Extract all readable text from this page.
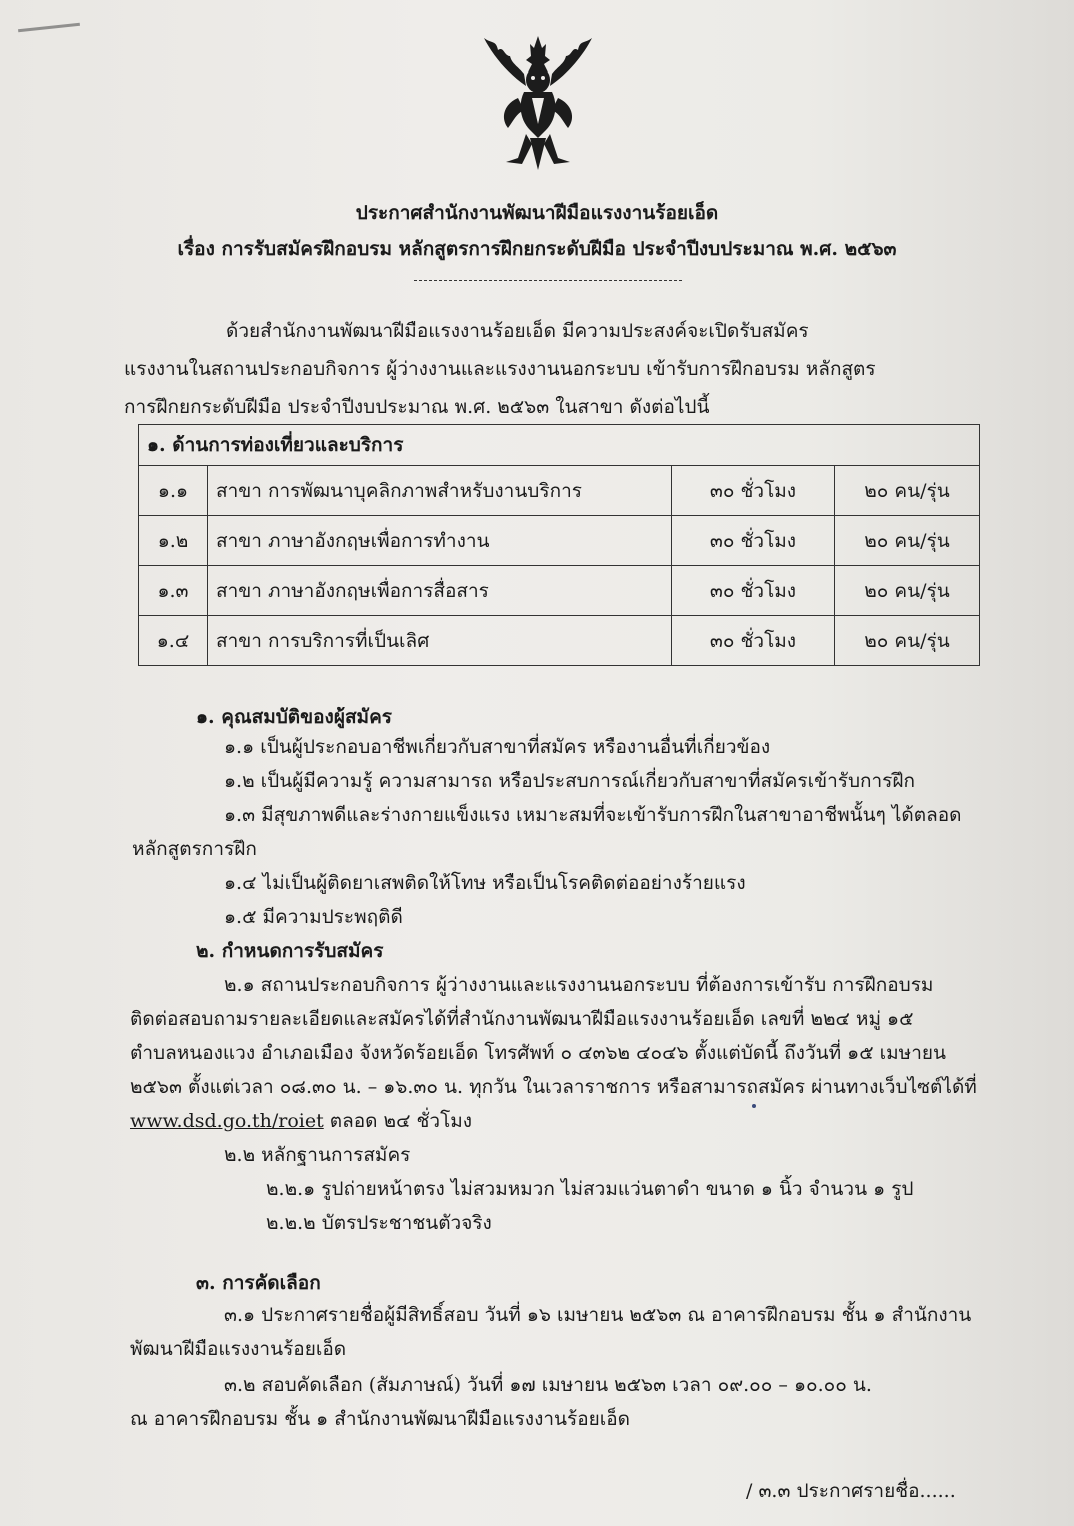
ประกาศสำนักงานพัฒนาฝีมือแรงงานร้อยเอ็ด
เรื่อง การรับสมัครฝึกอบรม หลักสูตรการฝึกยกระดับฝีมือ ประจำปีงบประมาณ พ.ศ. ๒๕๖๓
ด้วยสำนักงานพัฒนาฝีมือแรงงานร้อยเอ็ด มีความประสงค์จะเปิดรับสมัคร
แรงงานในสถานประกอบกิจการ ผู้ว่างงานและแรงงานนอกระบบ เข้ารับการฝึกอบรม หลักสูตร
การฝึกยกระดับฝีมือ ประจำปีงบประมาณ พ.ศ. ๒๕๖๓ ในสาขา ดังต่อไปนี้
๑. ด้านการท่องเที่ยวและบริการ			
๑.๑	สาขา การพัฒนาบุคลิกภาพสำหรับงานบริการ	๓๐ ชั่วโมง	๒๐ คน/รุ่น
๑.๒	สาขา ภาษาอังกฤษเพื่อการทำงาน	๓๐ ชั่วโมง	๒๐ คน/รุ่น
๑.๓	สาขา ภาษาอังกฤษเพื่อการสื่อสาร	๓๐ ชั่วโมง	๒๐ คน/รุ่น
๑.๔	สาขา การบริการที่เป็นเลิศ	๓๐ ชั่วโมง	๒๐ คน/รุ่น
๑. คุณสมบัติของผู้สมัคร
๑.๑ เป็นผู้ประกอบอาชีพเกี่ยวกับสาขาที่สมัคร หรืองานอื่นที่เกี่ยวข้อง
๑.๒ เป็นผู้มีความรู้ ความสามารถ หรือประสบการณ์เกี่ยวกับสาขาที่สมัครเข้ารับการฝึก
๑.๓ มีสุขภาพดีและร่างกายแข็งแรง เหมาะสมที่จะเข้ารับการฝึกในสาขาอาชีพนั้นๆ ได้ตลอด
หลักสูตรการฝึก
๑.๔ ไม่เป็นผู้ติดยาเสพติดให้โทษ หรือเป็นโรคติดต่ออย่างร้ายแรง
๑.๕ มีความประพฤติดี
๒. กำหนดการรับสมัคร
๒.๑ สถานประกอบกิจการ ผู้ว่างงานและแรงงานนอกระบบ ที่ต้องการเข้ารับ การฝึกอบรม
ติดต่อสอบถามรายละเอียดและสมัครได้ที่สำนักงานพัฒนาฝีมือแรงงานร้อยเอ็ด เลขที่ ๒๒๔ หมู่ ๑๕
ตำบลหนองแวง อำเภอเมือง จังหวัดร้อยเอ็ด โทรศัพท์ ๐ ๔๓๖๒ ๔๐๔๖ ตั้งแต่บัดนี้ ถึงวันที่ ๑๕ เมษายน
๒๕๖๓ ตั้งแต่เวลา ๐๘.๓๐ น. – ๑๖.๓๐ น. ทุกวัน ในเวลาราชการ หรือสามารถสมัคร ผ่านทางเว็บไซต์ได้ที่
www.dsd.go.th/roiet ตลอด ๒๔ ชั่วโมง
๒.๒ หลักฐานการสมัคร
๒.๒.๑ รูปถ่ายหน้าตรง ไม่สวมหมวก ไม่สวมแว่นตาดำ ขนาด ๑ นิ้ว จำนวน ๑ รูป
๒.๒.๒ บัตรประชาชนตัวจริง
๓. การคัดเลือก
๓.๑ ประกาศรายชื่อผู้มีสิทธิ์สอบ วันที่ ๑๖ เมษายน ๒๕๖๓ ณ อาคารฝึกอบรม ชั้น ๑ สำนักงาน
พัฒนาฝีมือแรงงานร้อยเอ็ด
๓.๒ สอบคัดเลือก (สัมภาษณ์) วันที่ ๑๗ เมษายน ๒๕๖๓ เวลา ๐๙.๐๐ – ๑๐.๐๐ น.
ณ อาคารฝึกอบรม ชั้น ๑ สำนักงานพัฒนาฝีมือแรงงานร้อยเอ็ด
/ ๓.๓ ประกาศรายชื่อ......
